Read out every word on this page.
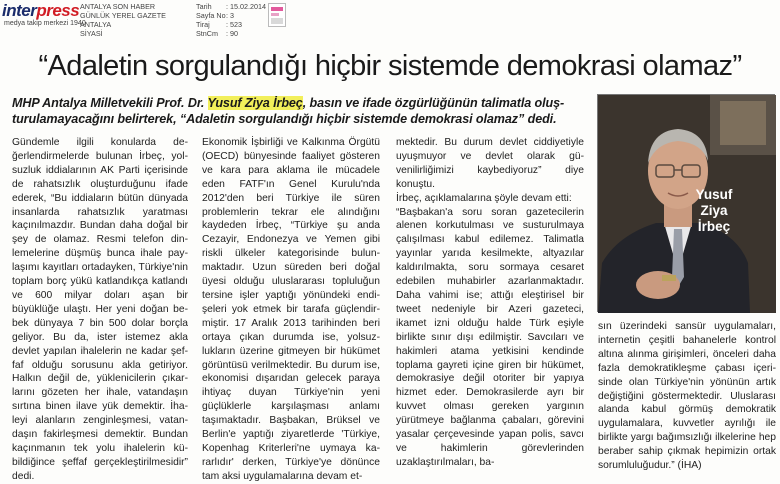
interpress
medya takip merkezi 1940
ANTALYA SON HABER
GÜNLÜK YEREL GAZETE
ANTALYA
SİYASİ
Tarih	: 15.02.2014
Sayfa No : 3
Tiraj	: 523
StnCm	: 90
“Adaletin sorgulandığı hiçbir sistemde demokrasi olamaz”
MHP Antalya Milletvekili Prof. Dr. Yusuf Ziya İrbeç, basın ve ifade özgürlüğünün talimatla oluşturulamayacağını belirterek, “Adaletin sorgulandığı hiçbir sistemde demokrasi olamaz” dedi.

Gündemle ilgili konularda değerlendirmelerde bulunan İrbeç, yolsuzluk iddialarının AK Parti içerisinde de rahatsızlık oluşturduğunu ifade ederek, “Bu iddiaların bütün dünyada insanlarda rahatsızlık yaratması kaçınılmazdır. Bundan daha doğal bir şey de olamaz. Resmi telefon dinlemelerine düşmüş bunca ihale paylaşımı kayıtları ortadayken, Türkiye'nin toplam borç yükü katlandıkça katlandı ve 600 milyar doları aşan bir büyüklüğe ulaştı. Her yeni doğan bebek dünyaya 7 bin 500 dolar borçla geliyor. Bu da, ister istemez akla devlet yapılan ihalelerin ne kadar şeffaf olduğu sorusunu akla getiriyor. Halkın değil de, yüklenicilerin çıkarlarını gözeten her ihale, vatandaşın sırtına binen ilave yük demektir. İhaleyi alanların zenginleşmesi, vatandaşın fakirleşmesi demektir. Bundan kaçınmanın tek yolu ihalelerin kübildiğince şeffaf gerçekleştirilmesidir” dedi.

Ekonomik İşbirliği ve Kalkınma Örgütü (OECD) bünyesinde faaliyet gösteren ve kara para aklama ile mücadele eden FATF'ın Genel Kurulu'nda 2012'den beri Türkiye ile süren problemlerin tekrar ele alındığını kaydeden İrbeç, “Türkiye şu anda Cezayir, Endonezya ve Yemen gibi riskli ülkeler kategorisinde bulunmaktadır. Uzun süreden beri doğal üyesi olduğu uluslararası topluluğun tersine işler yaptığı yönündeki endişeleri yok etmek bir tarafa güçlendirmiştir. 17 Aralık 2013 tarihinden beri ortaya çıkan durumda ise, yolsuzlukların üzerine gitmeyen bir hükümet görüntüsü verilmektedir. Bu durum ise, ekonomisi dışarıdan gelecek paraya ihtiyaç duyan Türkiye'nin yeni güçlüklerle karşılaşması anlamı taşımaktadır. Başbakan, Brüksel ve Berlin'e yaptığı ziyaretlerde 'Türkiye, Kopenhag Kriterleri'ne uymaya kararlıdır' derken, Türkiye'ye dönünce tam aksi uygulamalarına devam et-

mektedir. Bu durum devlet ciddiyetiyle uyuşmuyor ve devlet olarak güvenilirliğimizi kaybediyoruz” diye konuştu.

İrbeç, açıklamalarına şöyle devam etti:

“Başbakan'a soru soran gazetecilerin alenen korkutulması ve susturulmaya çalışılması kabul edilemez. Talimatla yayınlar yarıda kesilmekte, altyazılar kaldırılmakta, soru sormaya cesaret edebilen muhabirler azarlanmaktadır. Daha vahimi ise; attığı eleştirisel bir tweet nedeniyle bir Azeri gazeteci, ikamet izni olduğu halde Türk eşiyle birlikte sınır dışı edilmiştir. Savcıları ve hakimleri atama yetkisini kendinde toplama gayreti içine giren bir hükümet, demokrasiye değil otoriter bir yapıya hizmet eder. Demokrasilerde ayrı bir kuvvet olması gereken yargının yürütmeye bağlanma çabaları, görevini yasalar çerçevesinde yapan polis, savcı ve hakimlerin görevlerinden uzaklaştırılmaları, ba-

Yusuf
Ziya
İrbeç

sın üzerindeki sansür uygulamaları, internetin çeşitli bahanelerle kontrol altına alınma girişimleri, önceleri daha fazla demokratikleşme çabası içerisinde olan Türkiye'nin yönünün artık değiştiğini göstermektedir. Uluslarası alanda kabul görmüş demokratik uygulamalara, kuvvetler ayrılığı ile birlikte yargı bağımsızlığı ilkelerine hep beraber sahip çıkmak hepimizin ortak sorumluluğudur.” (İHA)
